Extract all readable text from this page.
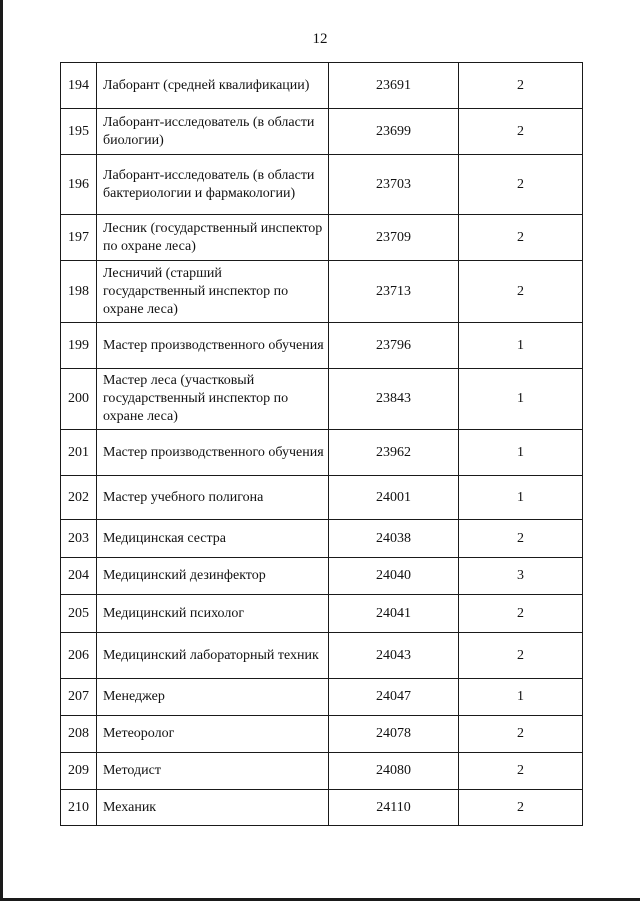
12
194	Лаборант (средней квалификации)	23691	2
195	Лаборант-исследователь (в области биологии)	23699	2
196	Лаборант-исследователь (в области бактериологии и фармакологии)	23703	2
197	Лесник (государственный инспектор по охране леса)	23709	2
198	Лесничий (старший государственный инспектор по охране леса)	23713	2
199	Мастер производственного обучения	23796	1
200	Мастер леса (участковый государственный инспектор по охране леса)	23843	1
201	Мастер производственного обучения	23962	1
202	Мастер учебного полигона	24001	1
203	Медицинская сестра	24038	2
204	Медицинский дезинфектор	24040	3
205	Медицинский психолог	24041	2
206	Медицинский лабораторный техник	24043	2
207	Менеджер	24047	1
208	Метеоролог	24078	2
209	Методист	24080	2
210	Механик	24110	2
